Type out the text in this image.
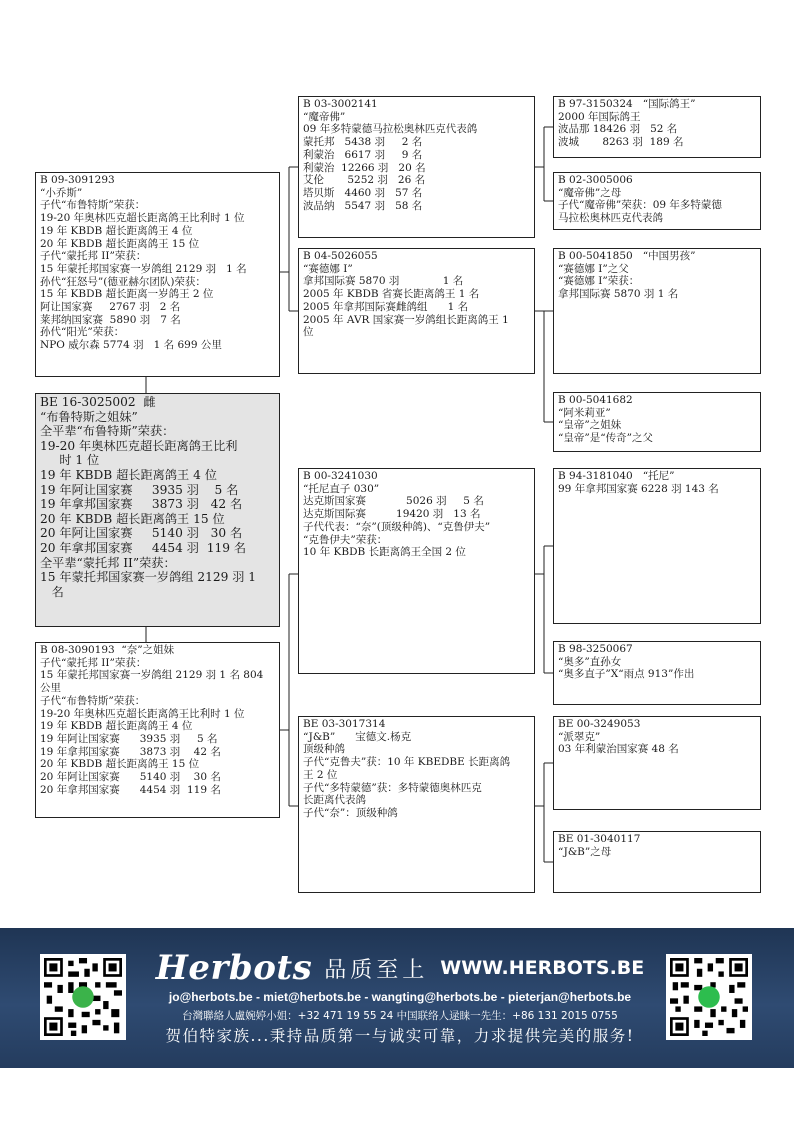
B 09-3091293
“小乔斯”
子代“布鲁特斯”荣获：
19-20 年奥林匹克超长距离鸽王比利时 1 位
19 年 KBDB 超长距离鸽王 4 位
20 年 KBDB 超长距离鸽王 15 位
子代“蒙托邦 II”荣获：
15 年蒙托邦国家赛一岁鸽组 2129 羽   1 名
孙代“狂怒号”(德亚赫尔团队)荣获：
15 年 KBDB 超长距离一岁鸽王 2 位
阿让国家赛     2767 羽   2 名
莱邦纳国家赛  5890 羽   7 名
孙代“阳光”荣获：
NPO 威尔森 5774 羽   1 名 699 公里
BE 16-3025002  雌
“布鲁特斯之姐妹”
全平辈“布鲁特斯”荣获：
19-20 年奥林匹克超长距离鸽王比利
时 1 位
19 年 KBDB 超长距离鸽王 4 位
19 年阿让国家赛     3935 羽    5 名
19 年拿邦国家赛     3873 羽   42 名
20 年 KBDB 超长距离鸽王 15 位
20 年阿让国家赛     5140 羽   30 名
20 年拿邦国家赛     4454 羽  119 名
全平辈“蒙托邦 II”荣获：
15 年蒙托邦国家赛一岁鸽组 2129 羽 1
名
B 08-3090193  “奈”之姐妹
子代“蒙托邦 II”荣获：
15 年蒙托邦国家赛一岁鸽组 2129 羽 1 名 804
公里
子代“布鲁特斯”荣获：
19-20 年奥林匹克超长距离鸽王比利时 1 位
19 年 KBDB 超长距离鸽王 4 位
19 年阿让国家赛      3935 羽     5 名
19 年拿邦国家赛      3873 羽    42 名
20 年 KBDB 超长距离鸽王 15 位
20 年阿让国家赛      5140 羽    30 名
20 年拿邦国家赛      4454 羽  119 名
B 03-3002141
“魔帝佛”
09 年多特蒙德马拉松奥林匹克代表鸽
蒙托邦   5438 羽     2 名
利蒙治   6617 羽     9 名
利蒙治  12266 羽   20 名
艾伦       5252 羽   26 名
塔贝斯   4460 羽   57 名
波品纳   5547 羽   58 名
B 04-5026055
“赛德娜 I”
拿邦国际赛 5870 羽             1 名
2005 年 KBDB 省赛长距离鸽王 1 名
2005 年拿邦国际赛雌鸽组      1 名
2005 年 AVR 国家赛一岁鸽组长距离鸽王 1
位
B 00-3241030
“托尼直子 030”
达克斯国家赛            5026 羽     5 名
达克斯国际赛         19420 羽   13 名
子代代表：“奈”(顶级种鸽)、“克鲁伊夫”
“克鲁伊夫”荣获：
10 年 KBDB 长距离鸽王全国 2 位
BE 03-3017314
“J&B”      宝德文.杨克
顶级种鸽
子代“克鲁夫”获：10 年 KBEDBE 长距离鸽
王 2 位
子代“多特蒙德”获：多特蒙德奥林匹克
长距离代表鸽
子代“奈”：顶级种鸽
B 97-3150324   “国际鸽王”
2000 年国际鸽王
波品那 18426 羽   52 名
波城       8263 羽  189 名
B 02-3005006
“魔帝佛”之母
子代“魔帝佛”荣获：09 年多特蒙德
马拉松奥林匹克代表鸽
B 00-5041850   “中国男孩”
“赛德娜 I”之父
“赛德娜 I”荣获：
拿邦国际赛 5870 羽 1 名
B 00-5041682
“阿米莉亚”
“皇帝”之姐妹
“皇帝”是“传奇”之父
B 94-3181040   “托尼”
99 年拿邦国家赛 6228 羽 143 名
B 98-3250067
“奥多”直孙女
“奥多直子”X“雨点 913”作出
BE 00-3249053
“派翠克”
03 年利蒙治国家赛 48 名
BE 01-3040117
“J&B”之母
Herbots 品质至上 WWW.HERBOTS.BE
jo@herbots.be - miet@herbots.be - wangting@herbots.be - pieterjan@herbots.be
台灣聯絡人盧婉婷小姐：+32 471 19 55 24 中国联络人逯睐一先生：+86 131 2015 0755
贺伯特家族...秉持品质第一与诚实可靠，力求提供完美的服务!
